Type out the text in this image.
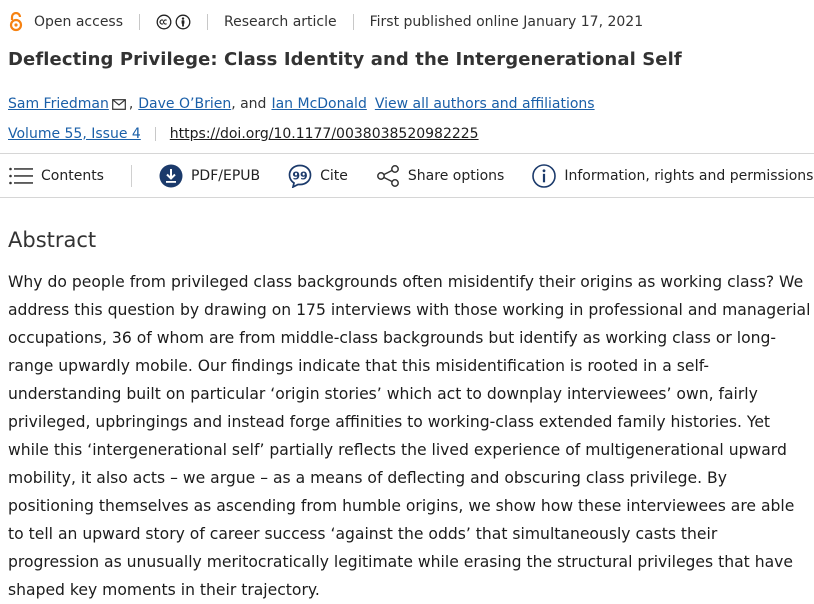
Open access	Research article First published online January 17, 2021
Deflecting Privilege: Class Identity and the Intergenerational Self
Sam Friedman , Dave O’Brien , and Ian McDonald View all authors and affiliations
Volume 55, Issue 4 https://doi.org/10.1177/0038038520982225
Contents	PDF/EPUB	99 Cite	Share options	Information, rights and permissions
Abstract

Why do people from privileged class backgrounds often misidentify their origins as working class? We address this question by drawing on 175 interviews with those working in professional and managerial occupations, 36 of whom are from middle-class backgrounds but identify as working class or long-range upwardly mobile. Our findings indicate that this misidentification is rooted in a self-understanding built on particular ‘origin stories’ which act to downplay interviewees’ own, fairly privileged, upbringings and instead forge affinities to working-class extended family histories. Yet while this ‘intergenerational self’ partially reflects the lived experience of multigenerational upward mobility, it also acts – we argue – as a means of deflecting and obscuring class privilege. By positioning themselves as ascending from humble origins, we show how these interviewees are able to tell an upward story of career success ‘against the odds’ that simultaneously casts their progression as unusually meritocratically legitimate while erasing the structural privileges that have shaped key moments in their trajectory.
